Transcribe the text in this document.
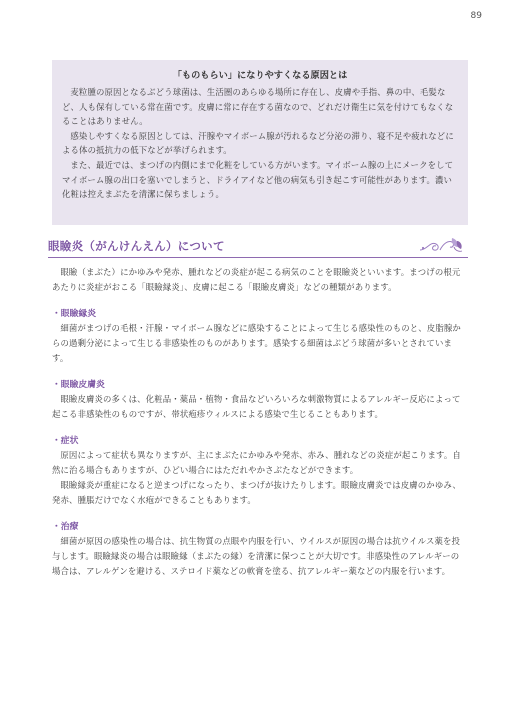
89
「ものもらい」になりやすくなる原因とは

麦粒腫の原因となるぶどう球菌は、生活圏のあらゆる場所に存在し、皮膚や手指、鼻の中、毛髪など、人も保有している常在菌です。皮膚に常に存在する菌なので、どれだけ衛生に気を付けてもなくなることはありません。

感染しやすくなる原因としては、汗腺やマイボーム腺が汚れるなど分泌の滞り、寝不足や疲れなどによる体の抵抗力の低下などが挙げられます。

また、最近では、まつげの内側にまで化粧をしている方がいます。マイボーム腺の上にメークをしてマイボーム腺の出口を塞いでしまうと、ドライアイなど他の病気も引き起こす可能性があります。濃い化粧は控えまぶたを清潔に保ちましょう。

眼瞼炎（がんけんえん）について

眼瞼（まぶた）にかゆみや発赤、腫れなどの炎症が起こる病気のことを眼瞼炎といいます。まつげの根元あたりに炎症がおこる「眼瞼縁炎」、皮膚に起こる「眼瞼皮膚炎」などの種類があります。

・眼瞼縁炎

細菌がまつげの毛根・汗腺・マイボーム腺などに感染することによって生じる感染性のものと、皮脂腺からの過剰分泌によって生じる非感染性のものがあります。感染する細菌はぶどう球菌が多いとされています。

・眼瞼皮膚炎

眼瞼皮膚炎の多くは、化粧品・薬品・植物・食品などいろいろな刺激物質によるアレルギー反応によって起こる非感染性のものですが、帯状疱疹ウィルスによる感染で生じることもあります。

・症状

原因によって症状も異なりますが、主にまぶたにかゆみや発赤、赤み、腫れなどの炎症が起こります。自然に治る場合もありますが、ひどい場合にはただれやかさぶたなどができます。

眼瞼縁炎が重症になると逆まつげになったり、まつげが抜けたりします。眼瞼皮膚炎では皮膚のかゆみ、発赤、腫脹だけでなく水疱ができることもあります。

・治療

細菌が原因の感染性の場合は、抗生物質の点眼や内服を行い、ウイルスが原因の場合は抗ウイルス薬を投与します。眼瞼縁炎の場合は眼瞼縁（まぶたの縁）を清潔に保つことが大切です。非感染性のアレルギーの場合は、アレルゲンを避ける、ステロイド薬などの軟膏を塗る、抗アレルギー薬などの内服を行います。
